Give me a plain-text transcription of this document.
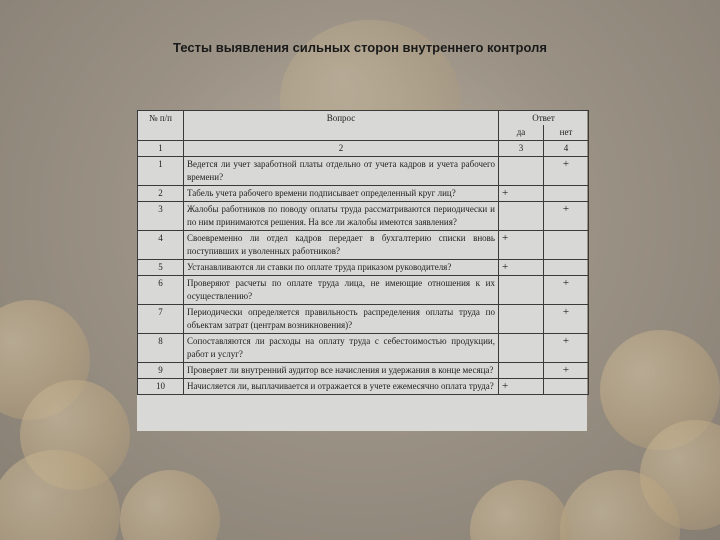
Тесты выявления сильных сторон внутреннего контроля
№ п/п	Вопрос	Ответ	
		да	нет
1	2	3	4
1	Ведется ли учет заработной платы отдельно от учета кадров и учета рабочего времени?		+
2	Табель учета рабочего времени подписывает определенный круг лиц?	+	
3	Жалобы работников по поводу оплаты труда рассматриваются периодически и по ним принимаются решения. На все ли жалобы имеются заявления?		+
4	Своевременно ли отдел кадров передает в бухгалтерию списки вновь поступивших и уволенных работников?	+	
5	Устанавливаются ли ставки по оплате труда приказом руководителя?	+	
6	Проверяют расчеты по оплате труда лица, не имеющие отношения к их осуществлению?		+
7	Периодически определяется правильность распределения оплаты труда по объектам затрат (центрам возникновения)?		+
8	Сопоставляются ли расходы на оплату труда с себестоимостью продукции, работ и услуг?		+
9	Проверяет ли внутренний аудитор все начисления и удержания в конце месяца?		+
10	Начисляется ли, выплачивается и отражается в учете ежемесячно оплата труда?	+	
